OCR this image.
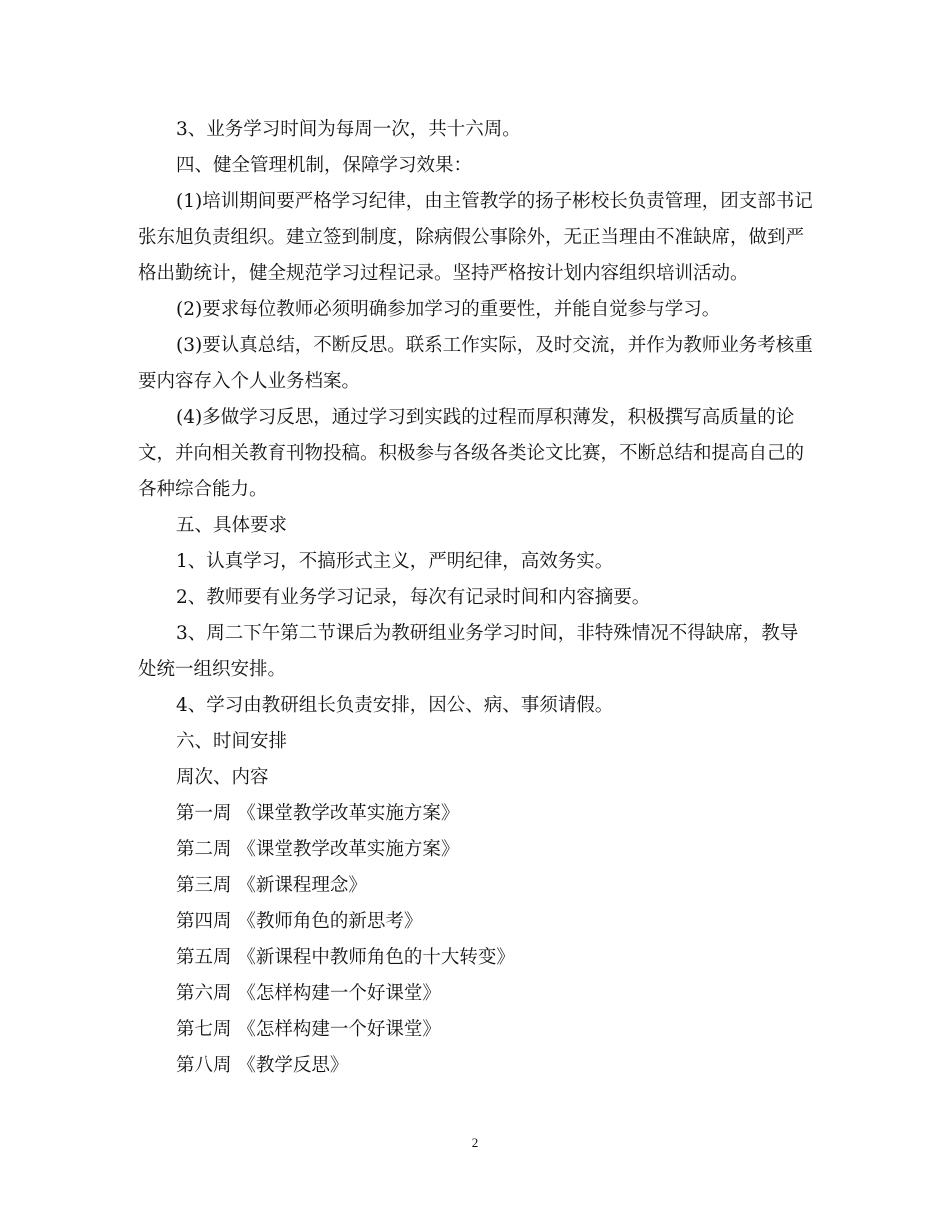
3、业务学习时间为每周一次，共十六周。

四、健全管理机制，保障学习效果：

(1)培训期间要严格学习纪律，由主管教学的扬子彬校长负责管理，团支部书记张东旭负责组织。建立签到制度，除病假公事除外，无正当理由不准缺席，做到严格出勤统计，健全规范学习过程记录。坚持严格按计划内容组织培训活动。

(2)要求每位教师必须明确参加学习的重要性，并能自觉参与学习。

(3)要认真总结，不断反思。联系工作实际，及时交流，并作为教师业务考核重要内容存入个人业务档案。

(4)多做学习反思，通过学习到实践的过程而厚积薄发，积极撰写高质量的论文，并向相关教育刊物投稿。积极参与各级各类论文比赛，不断总结和提高自己的各种综合能力。

五、具体要求

1、认真学习，不搞形式主义，严明纪律，高效务实。

2、教师要有业务学习记录，每次有记录时间和内容摘要。

3、周二下午第二节课后为教研组业务学习时间，非特殊情况不得缺席，教导处统一组织安排。

4、学习由教研组长负责安排，因公、病、事须请假。

六、时间安排

周次、内容

第一周 《课堂教学改革实施方案》

第二周 《课堂教学改革实施方案》

第三周 《新课程理念》

第四周 《教师角色的新思考》

第五周 《新课程中教师角色的十大转变》

第六周 《怎样构建一个好课堂》

第七周 《怎样构建一个好课堂》

第八周 《教学反思》

2
